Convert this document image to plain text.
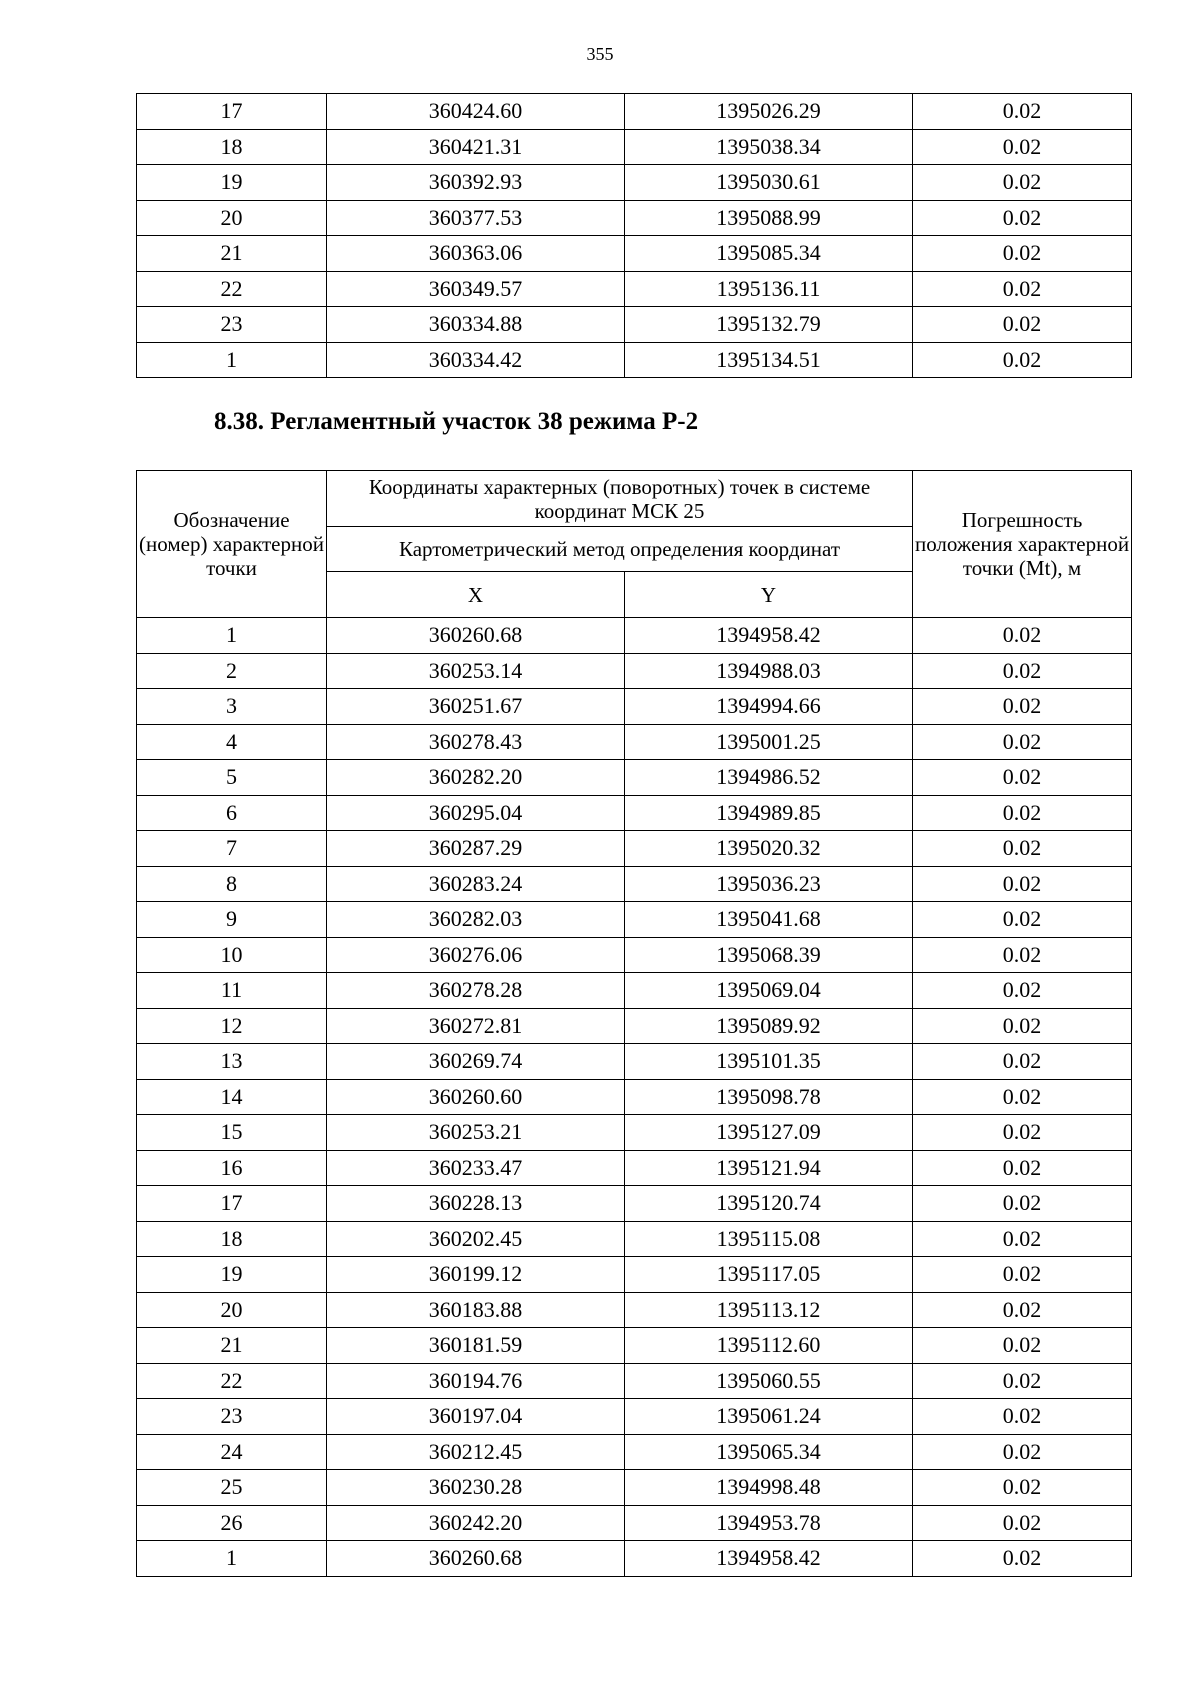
355
17	360424.60	1395026.29	0.02
18	360421.31	1395038.34	0.02
19	360392.93	1395030.61	0.02
20	360377.53	1395088.99	0.02
21	360363.06	1395085.34	0.02
22	360349.57	1395136.11	0.02
23	360334.88	1395132.79	0.02
1	360334.42	1395134.51	0.02
8.38. Регламентный участок 38 режима Р-2
Обозначение (номер) характерной точки	Координаты характерных (поворотных) точек в системе координат МСК 25		Погрешность положения характерной точки (Mt), м
	Картометрический метод определения координат		
	X	Y	
1	360260.68	1394958.42	0.02
2	360253.14	1394988.03	0.02
3	360251.67	1394994.66	0.02
4	360278.43	1395001.25	0.02
5	360282.20	1394986.52	0.02
6	360295.04	1394989.85	0.02
7	360287.29	1395020.32	0.02
8	360283.24	1395036.23	0.02
9	360282.03	1395041.68	0.02
10	360276.06	1395068.39	0.02
11	360278.28	1395069.04	0.02
12	360272.81	1395089.92	0.02
13	360269.74	1395101.35	0.02
14	360260.60	1395098.78	0.02
15	360253.21	1395127.09	0.02
16	360233.47	1395121.94	0.02
17	360228.13	1395120.74	0.02
18	360202.45	1395115.08	0.02
19	360199.12	1395117.05	0.02
20	360183.88	1395113.12	0.02
21	360181.59	1395112.60	0.02
22	360194.76	1395060.55	0.02
23	360197.04	1395061.24	0.02
24	360212.45	1395065.34	0.02
25	360230.28	1394998.48	0.02
26	360242.20	1394953.78	0.02
1	360260.68	1394958.42	0.02
